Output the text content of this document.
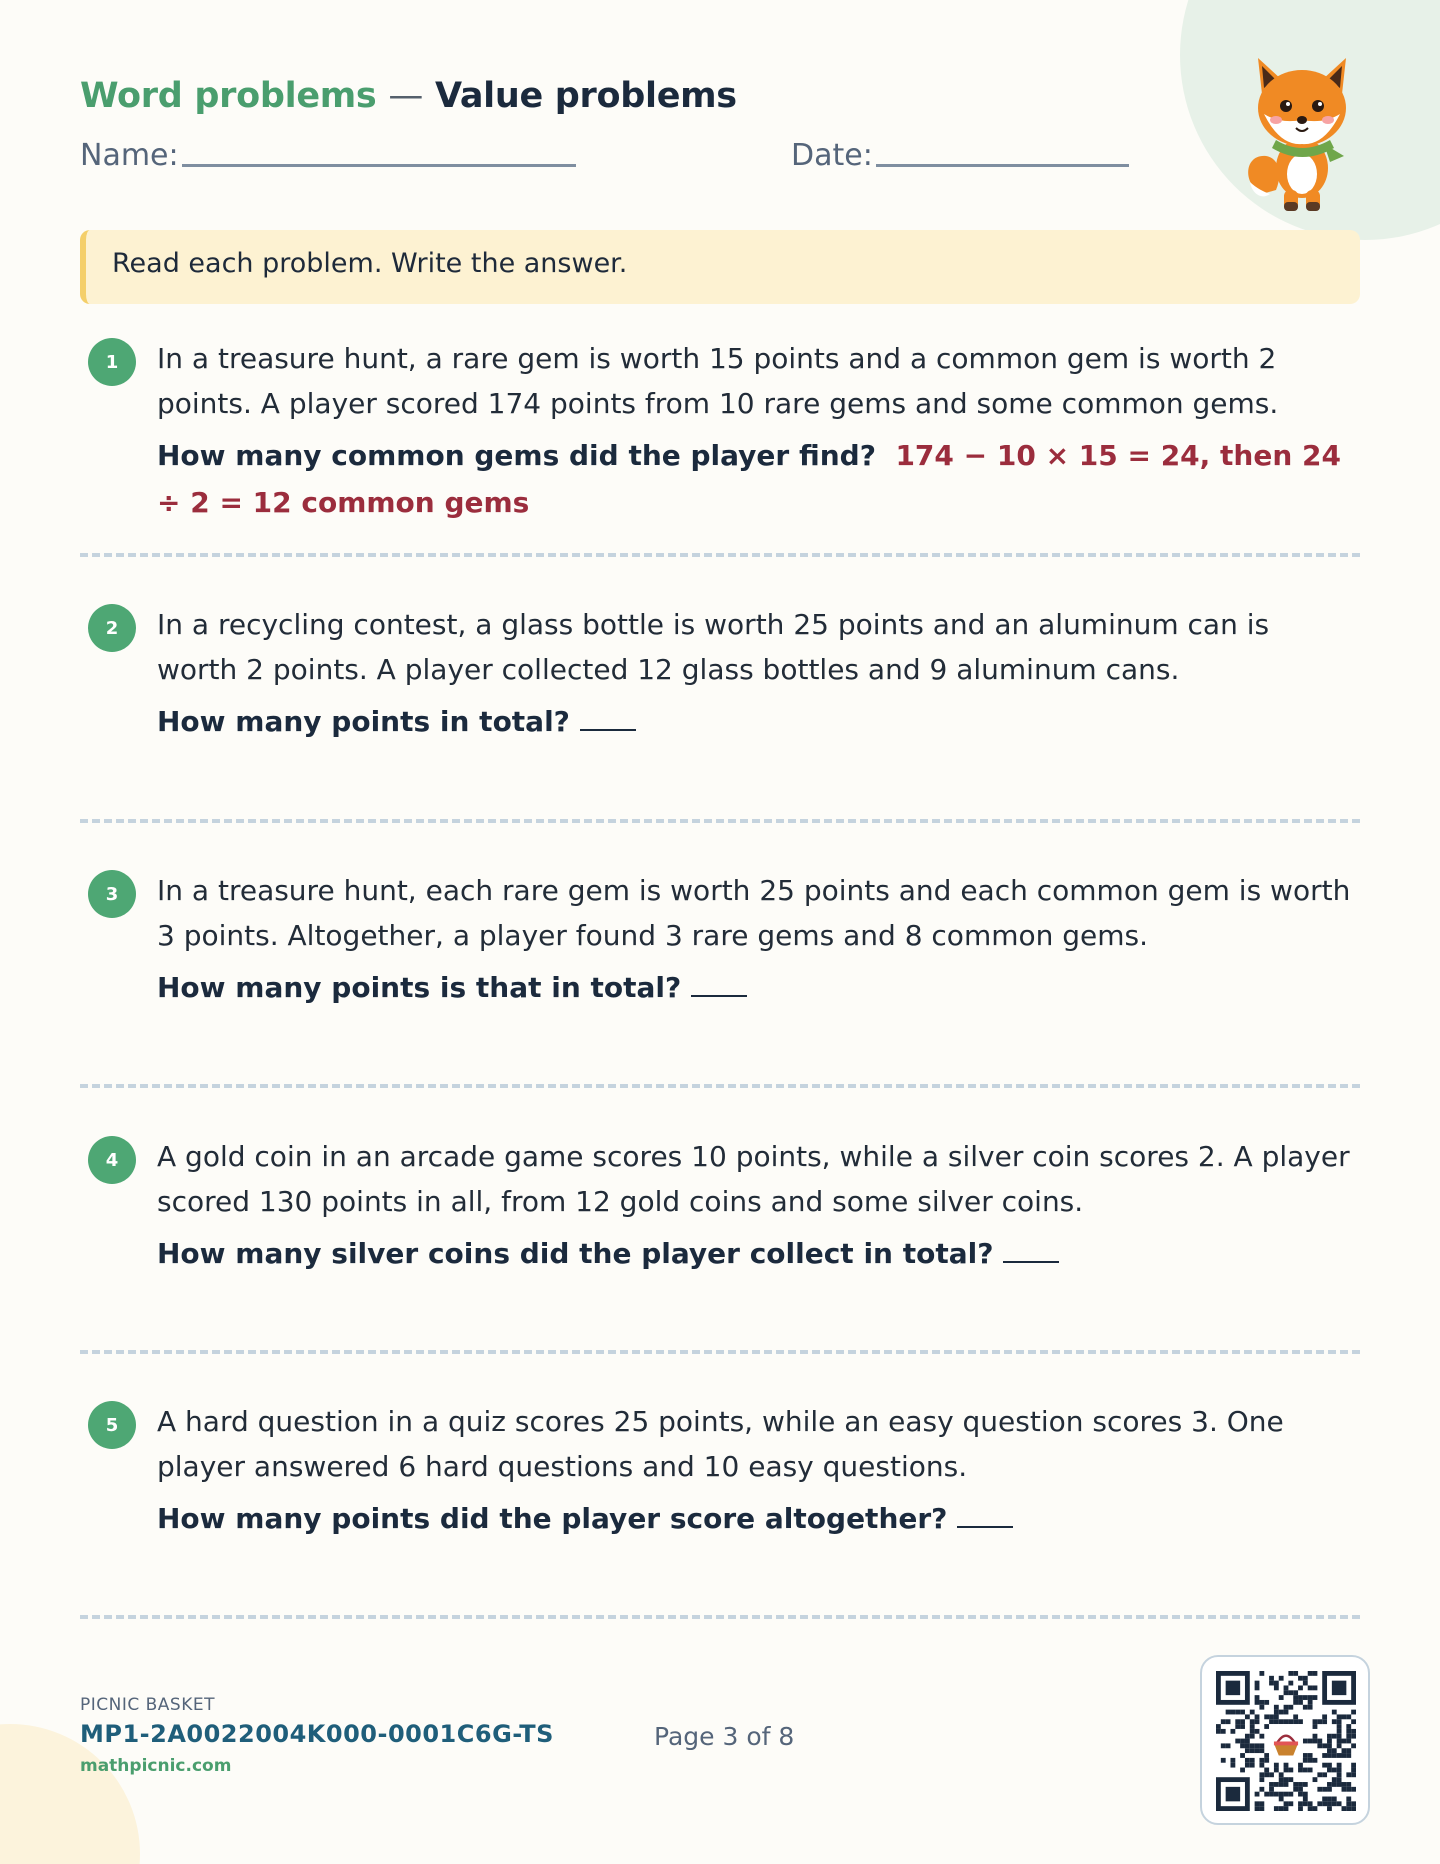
Word problems — Value problems
Name:	Date:
Read each problem. Write the answer.
1	In a treasure hunt, a rare gem is worth 15 points and a common gem is worth 2 points. A player scored 174 points from 10 rare gems and some common gems.
How many common gems did the player find? 174 − 10 × 15 = 24, then 24 ÷ 2 = 12 common gems
2	In a recycling contest, a glass bottle is worth 25 points and an aluminum can is worth 2 points. A player collected 12 glass bottles and 9 aluminum cans.
How many points in total?
3	In a treasure hunt, each rare gem is worth 25 points and each common gem is worth 3 points. Altogether, a player found 3 rare gems and 8 common gems.
How many points is that in total?
4	A gold coin in an arcade game scores 10 points, while a silver coin scores 2. A player scored 130 points in all, from 12 gold coins and some silver coins.
How many silver coins did the player collect in total?
5	A hard question in a quiz scores 25 points, while an easy question scores 3. One player answered 6 hard questions and 10 easy questions.
How many points did the player score altogether?
PICNIC BASKET
MP1-2A0022004K000-0001C6G-TS
mathpicnic.com
Page 3 of 8
